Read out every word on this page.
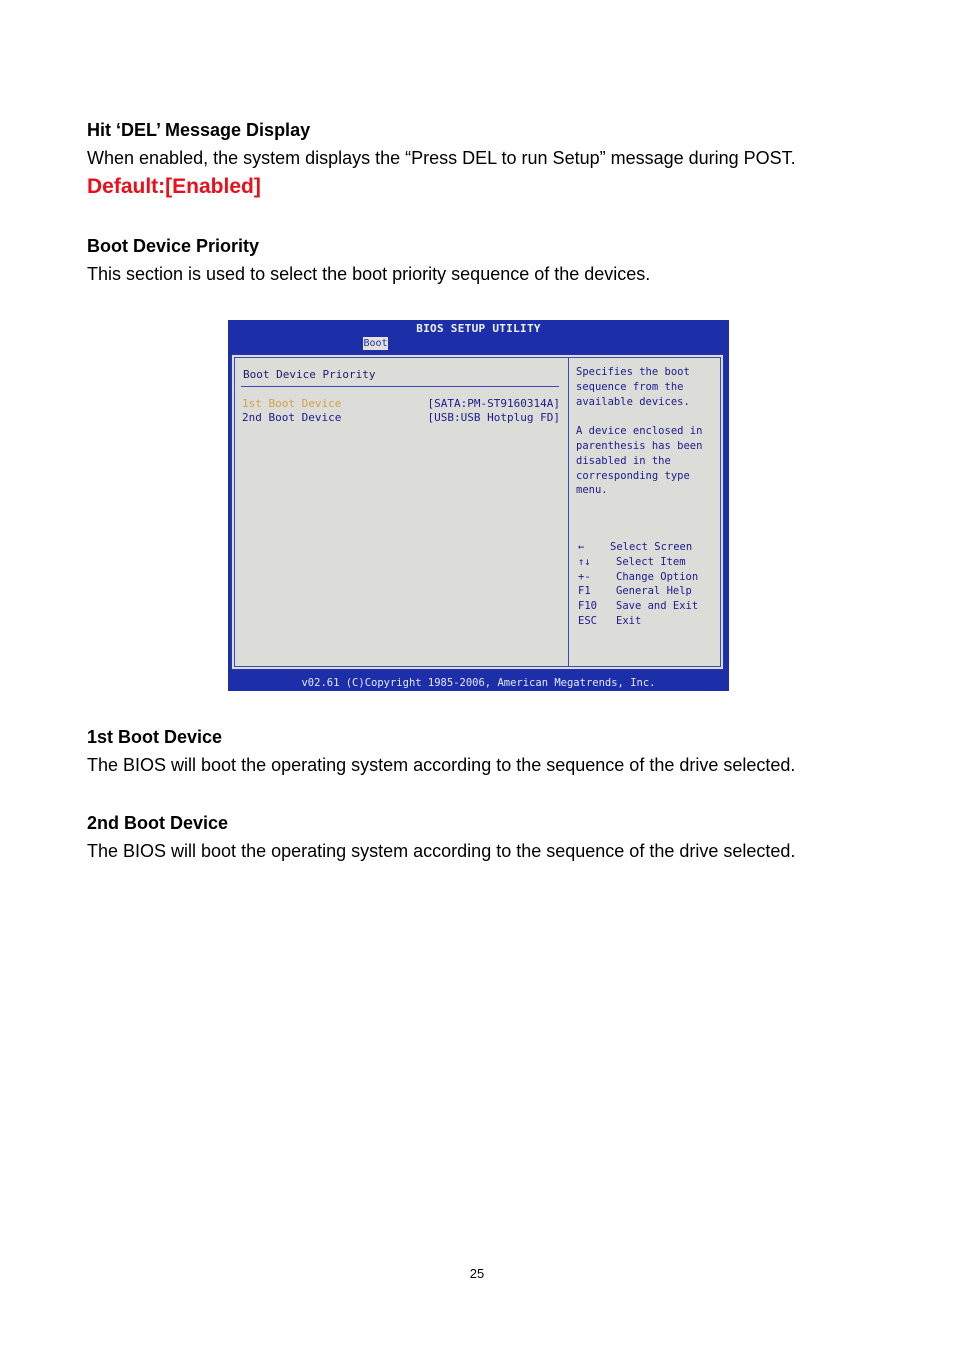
Hit ‘DEL’ Message Display
When enabled, the system displays the “Press DEL to run Setup” message during POST.
Default:[Enabled]
Boot Device Priority
This section is used to select the boot priority sequence of the devices.
BIOS SETUP UTILITY
Boot
Boot Device Priority
1st Boot Device	[SATA:PM-ST9160314A]
2nd Boot Device	[USB:USB Hotplug FD]
Specifies the boot
sequence from the
available devices.
A device enclosed in
parenthesis has been
disabled in the
corresponding type
menu.
← Select Screen
↑↓ Select Item
+- Change Option
F1 General Help
F10 Save and Exit
ESC Exit
v02.61 (C)Copyright 1985-2006, American Megatrends, Inc.
1st Boot Device
The BIOS will boot the operating system according to the sequence of the drive selected.
2nd Boot Device
The BIOS will boot the operating system according to the sequence of the drive selected.
25
